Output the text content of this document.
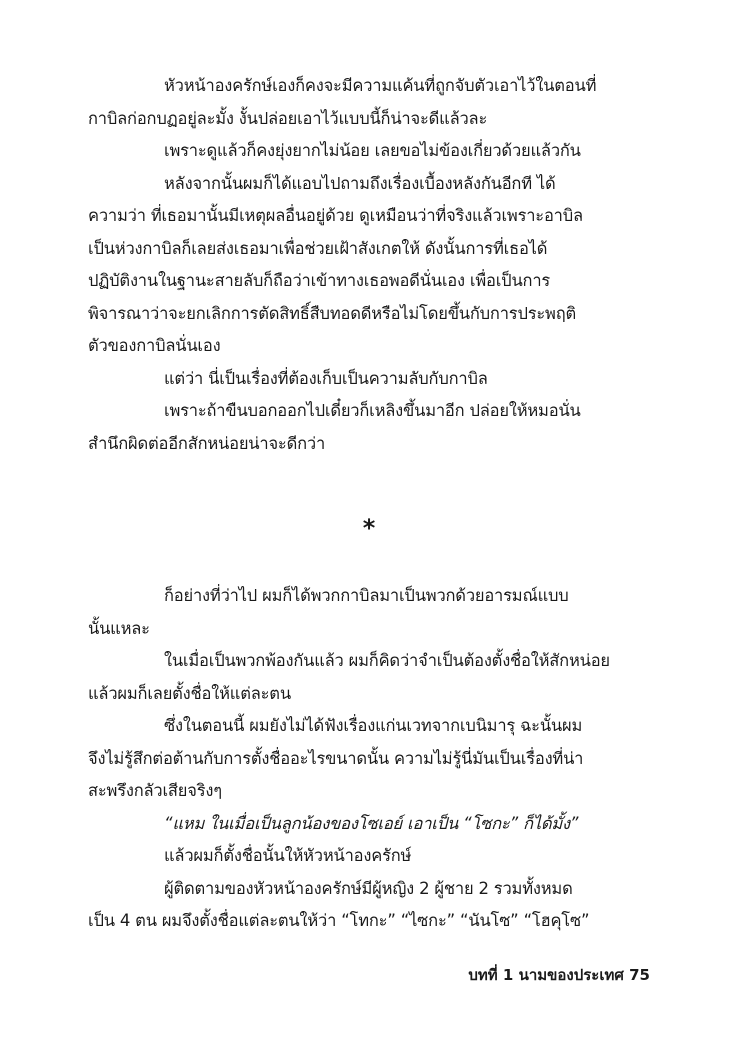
หัวหน้าองครักษ์เองก็คงจะมีความแค้นที่ถูกจับตัวเอาไว้ในตอนที่
กาบิลก่อกบฏอยู่ละมั้ง งั้นปล่อยเอาไว้แบบนี้ก็น่าจะดีแล้วละ
เพราะดูแล้วก็คงยุ่งยากไม่น้อย เลยขอไม่ข้องเกี่ยวด้วยแล้วกัน
หลังจากนั้นผมก็ได้แอบไปถามถึงเรื่องเบื้องหลังกันอีกที ได้
ความว่า ที่เธอมานั้นมีเหตุผลอื่นอยู่ด้วย ดูเหมือนว่าที่จริงแล้วเพราะอาบิล
เป็นห่วงกาบิลก็เลยส่งเธอมาเพื่อช่วยเฝ้าสังเกตให้ ดังนั้นการที่เธอได้
ปฏิบัติงานในฐานะสายลับก็ถือว่าเข้าทางเธอพอดีนั่นเอง เพื่อเป็นการ
พิจารณาว่าจะยกเลิกการตัดสิทธิ์สืบทอดดีหรือไม่โดยขึ้นกับการประพฤติ
ตัวของกาบิลนั่นเอง
แต่ว่า นี่เป็นเรื่องที่ต้องเก็บเป็นความลับกับกาบิล
เพราะถ้าขืนบอกออกไปเดี๋ยวก็เหลิงขึ้นมาอีก ปล่อยให้หมอนั่น
สำนึกผิดต่ออีกสักหน่อยน่าจะดีกว่า
*
ก็อย่างที่ว่าไป ผมก็ได้พวกกาบิลมาเป็นพวกด้วยอารมณ์แบบ
นั้นแหละ
ในเมื่อเป็นพวกพ้องกันแล้ว ผมก็คิดว่าจำเป็นต้องตั้งชื่อให้สักหน่อย
แล้วผมก็เลยตั้งชื่อให้แต่ละตน
ซึ่งในตอนนี้ ผมยังไม่ได้ฟังเรื่องแก่นเวทจากเบนิมารุ ฉะนั้นผม
จึงไม่รู้สึกต่อต้านกับการตั้งชื่ออะไรขนาดนั้น ความไม่รู้นี่มันเป็นเรื่องที่น่า
สะพรึงกลัวเสียจริงๆ
“แหม ในเมื่อเป็นลูกน้องของโซเอย์ เอาเป็น “โซกะ” ก็ได้มั้ง”
แล้วผมก็ตั้งชื่อนั้นให้หัวหน้าองครักษ์
ผู้ติดตามของหัวหน้าองครักษ์มีผู้หญิง 2 ผู้ชาย 2 รวมทั้งหมด
เป็น 4 ตน ผมจึงตั้งชื่อแต่ละตนให้ว่า “โทกะ” “ไซกะ” “นันโซ” “โฮคุโซ”
บทที่ 1 นามของประเทศ 75
